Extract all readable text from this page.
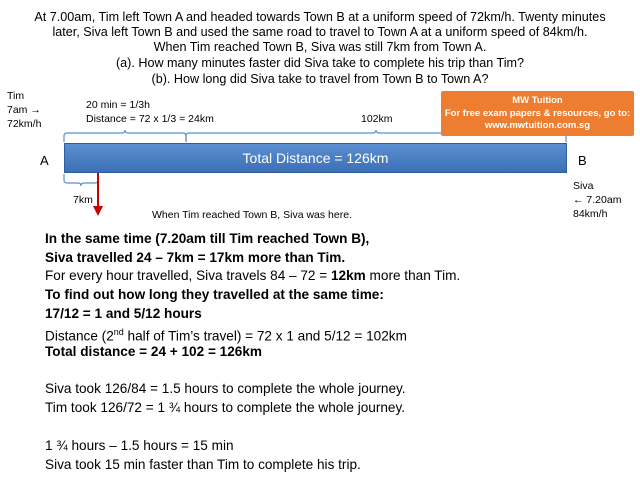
At 7.00am, Tim left Town A and headed towards Town B at a uniform speed of 72km/h. Twenty minutes
later, Siva left Town B and used the same road to travel to Town A at a uniform speed of 84km/h.
When Tim reached Town B, Siva was still 7km from Town A.
(a). How many minutes faster did Siva take to complete his trip than Tim?
(b). How long did Siva take to travel from Town B to Town A?
Tim
7am →
72km/h
20 min = 1/3h
Distance = 72 x 1/3 = 24km	102km
Total Distance = 126km
A	B
Siva
← 7.20am
84km/h
7km
When Tim reached Town B, Siva was here.
MW Tuition
For free exam papers & resources, go to:
www.mwtuition.com.sg
In the same time (7.20am till Tim reached Town B),
Siva travelled 24 – 7km = 17km more than Tim.
For every hour travelled, Siva travels 84 – 72 = 12km more than Tim.
To find out how long they travelled at the same time:
17/12 = 1 and 5/12 hours
Distance (2nd half of Tim’s travel) = 72 x 1 and 5/12 = 102km
Total distance = 24 + 102 = 126km
Siva took 126/84 = 1.5 hours to complete the whole journey.
Tim took 126/72 = 1 ¾ hours to complete the whole journey.
1 ¾ hours – 1.5 hours = 15 min
Siva took 15 min faster than Tim to complete his trip.
